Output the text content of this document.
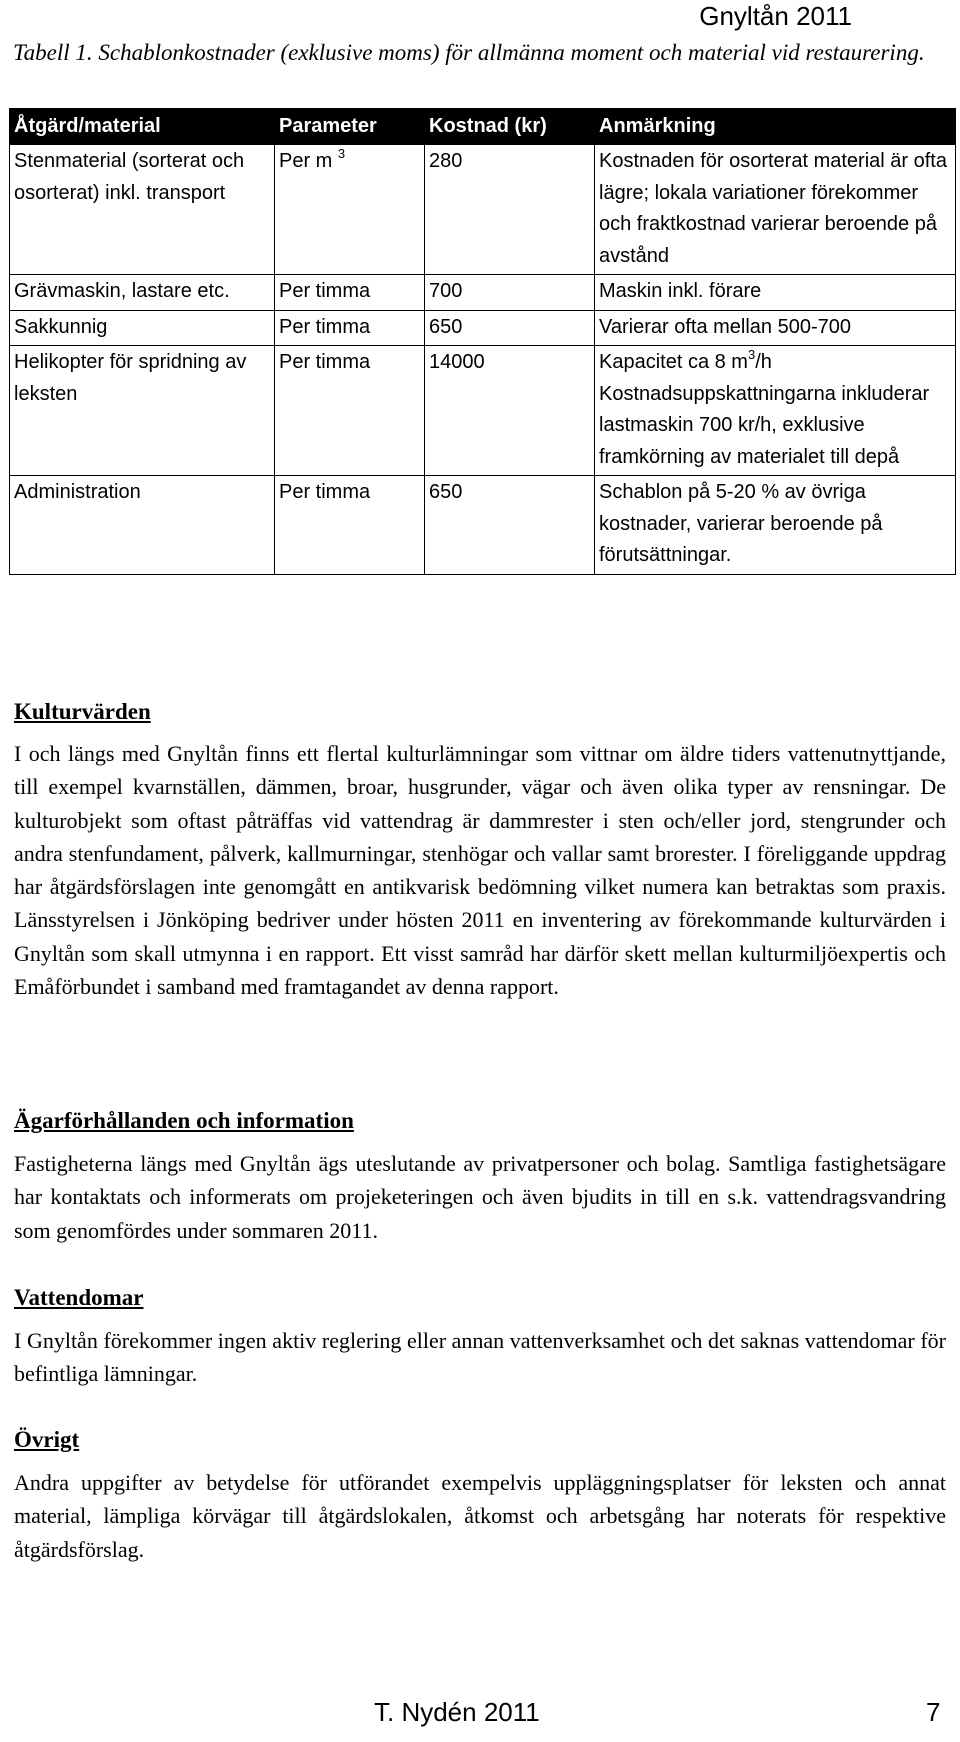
Gnyltån 2011
Tabell 1. Schablonkostnader (exklusive moms) för allmänna moment och material vid restaurering.
Åtgärd/material	Parameter	Kostnad (kr)	Anmärkning
Stenmaterial (sorterat och osorterat) inkl. transport	Per m $^3$	280	Kostnaden för osorterat material är ofta lägre; lokala variationer förekommer och fraktkostnad varierar beroende på avstånd
Grävmaskin, lastare etc.	Per timma	700	Maskin inkl. förare
Sakkunnig	Per timma	650	Varierar ofta mellan 500-700
Helikopter för spridning av leksten	Per timma	14000	Kapacitet ca 8 $m^3/h$ Kostnadsuppskattningarna inkluderar lastmaskin 700 kr/h, exklusive framkörning av materialet till depå
Administration	Per timma	650	Schablon på 5-20 % av övriga kostnader, varierar beroende på förutsättningar.
Kulturvärden

I och längs med Gnyltån finns ett flertal kulturlämningar som vittnar om äldre tiders vattenutnyttjande, till exempel kvarnställen, dämmen, broar, husgrunder, vägar och även olika typer av rensningar. De kulturobjekt som oftast påträffas vid vattendrag är dammrester i sten och/eller jord, stengrunder och andra stenfundament, pålverk, kallmurningar, stenhögar och vallar samt brorester. I föreliggande uppdrag har åtgärdsförslagen inte genomgått en antikvarisk bedömning vilket numera kan betraktas som praxis. Länsstyrelsen i Jönköping bedriver under hösten 2011 en inventering av förekommande kulturvärden i Gnyltån som skall utmynna i en rapport. Ett visst samråd har därför skett mellan kulturmiljöexpertis och Emåförbundet i samband med framtagandet av denna rapport.

Ägarförhållanden och information

Fastigheterna längs med Gnyltån ägs uteslutande av privatpersoner och bolag. Samtliga fastighetsägare har kontaktats och informerats om projeketeringen och även bjudits in till en s.k. vattendragsvandring som genomfördes under sommaren 2011.

Vattendomar

I Gnyltån förekommer ingen aktiv reglering eller annan vattenverksamhet och det saknas vattendomar för befintliga lämningar.

Övrigt

Andra uppgifter av betydelse för utförandet exempelvis uppläggningsplatser för leksten och annat material, lämpliga körvägar till åtgärdslokalen, åtkomst och arbetsgång har noterats för respektive åtgärdsförslag.

T. Nydén 2011	7
